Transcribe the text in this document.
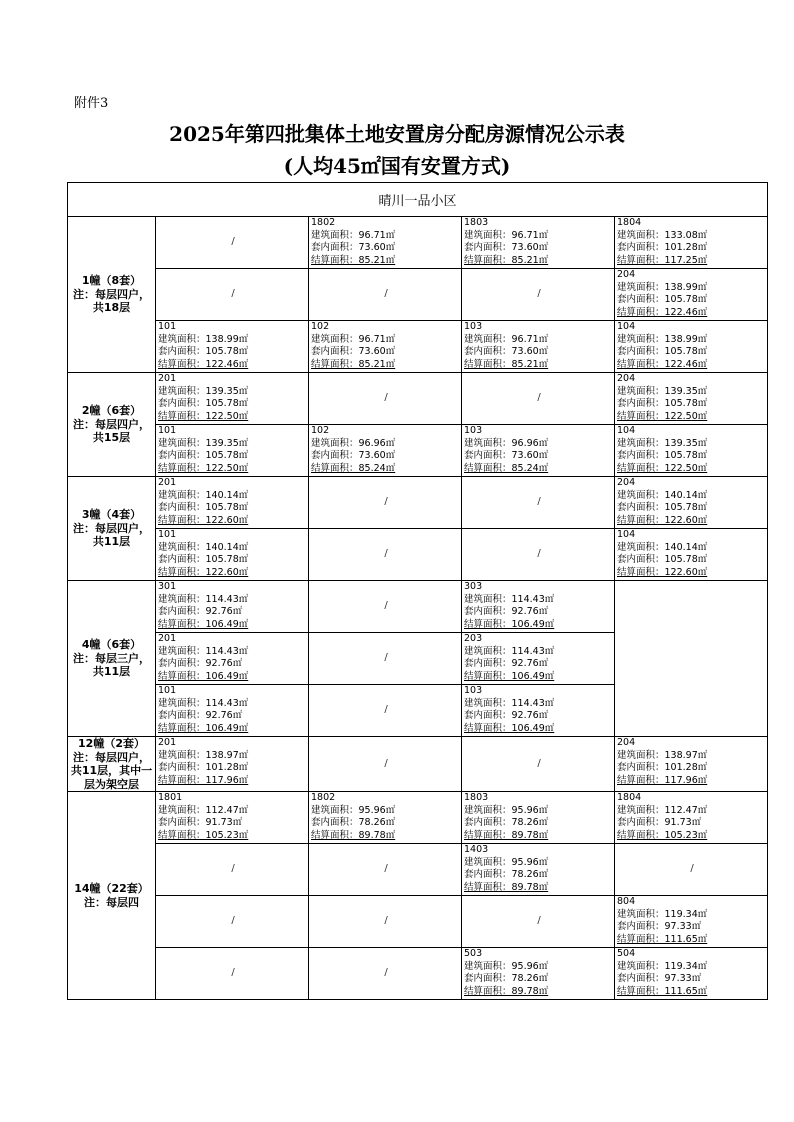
附件3
2025年第四批集体土地安置房分配房源情况公示表
(人均45㎡国有安置方式)
晴川一品小区				

1幢（8套）
注：每层四户，共18层	/	1802
建筑面积：96.71㎡
套内面积：73.60㎡
结算面积：85.21㎡	1803
建筑面积：96.71㎡
套内面积：73.60㎡
结算面积：85.21㎡	1804
建筑面积：133.08㎡
套内面积：101.28㎡
结算面积：117.25㎡

	/	/	/	204
建筑面积：138.99㎡
套内面积：105.78㎡
结算面积：122.46㎡

	101
建筑面积：138.99㎡
套内面积：105.78㎡
结算面积：122.46㎡	102
建筑面积：96.71㎡
套内面积：73.60㎡
结算面积：85.21㎡	103
建筑面积：96.71㎡
套内面积：73.60㎡
结算面积：85.21㎡	104
建筑面积：138.99㎡
套内面积：105.78㎡
结算面积：122.46㎡

2幢（6套）
注：每层四户，共15层	201
建筑面积：139.35㎡
套内面积：105.78㎡
结算面积：122.50㎡	/	/	204
建筑面积：139.35㎡
套内面积：105.78㎡
结算面积：122.50㎡

	101
建筑面积：139.35㎡
套内面积：105.78㎡
结算面积：122.50㎡	102
建筑面积：96.96㎡
套内面积：73.60㎡
结算面积：85.24㎡	103
建筑面积：96.96㎡
套内面积：73.60㎡
结算面积：85.24㎡	104
建筑面积：139.35㎡
套内面积：105.78㎡
结算面积：122.50㎡

3幢（4套）
注：每层四户，共11层	201
建筑面积：140.14㎡
套内面积：105.78㎡
结算面积：122.60㎡	/	/	204
建筑面积：140.14㎡
套内面积：105.78㎡
结算面积：122.60㎡

	101
建筑面积：140.14㎡
套内面积：105.78㎡
结算面积：122.60㎡	/	/	104
建筑面积：140.14㎡
套内面积：105.78㎡
结算面积：122.60㎡

4幢（6套）
注：每层三户，共11层	301
建筑面积：114.43㎡
套内面积：92.76㎡
结算面积：106.49㎡	/	303
建筑面积：114.43㎡
套内面积：92.76㎡
结算面积：106.49㎡	

	201
建筑面积：114.43㎡
套内面积：92.76㎡
结算面积：106.49㎡	/	203
建筑面积：114.43㎡
套内面积：92.76㎡
结算面积：106.49㎡	

	101
建筑面积：114.43㎡
套内面积：92.76㎡
结算面积：106.49㎡	/	103
建筑面积：114.43㎡
套内面积：92.76㎡
结算面积：106.49㎡	

12幢（2套）
注：每层四户，共11层，其中一层为架空层	201
建筑面积：138.97㎡
套内面积：101.28㎡
结算面积：117.96㎡	/	/	204
建筑面积：138.97㎡
套内面积：101.28㎡
结算面积：117.96㎡

14幢（22套）
注：每层四	1801
建筑面积：112.47㎡
套内面积：91.73㎡
结算面积：105.23㎡	1802
建筑面积：95.96㎡
套内面积：78.26㎡
结算面积：89.78㎡	1803
建筑面积：95.96㎡
套内面积：78.26㎡
结算面积：89.78㎡	1804
建筑面积：112.47㎡
套内面积：91.73㎡
结算面积：105.23㎡

	/	/	1403
建筑面积：95.96㎡
套内面积：78.26㎡
结算面积：89.78㎡	/
	/	/	/	804
建筑面积：119.34㎡
套内面积：97.33㎡
结算面积：111.65㎡

	/	/	503
建筑面积：95.96㎡
套内面积：78.26㎡
结算面积：89.78㎡	504
建筑面积：119.34㎡
套内面积：97.33㎡
结算面积：111.65㎡
